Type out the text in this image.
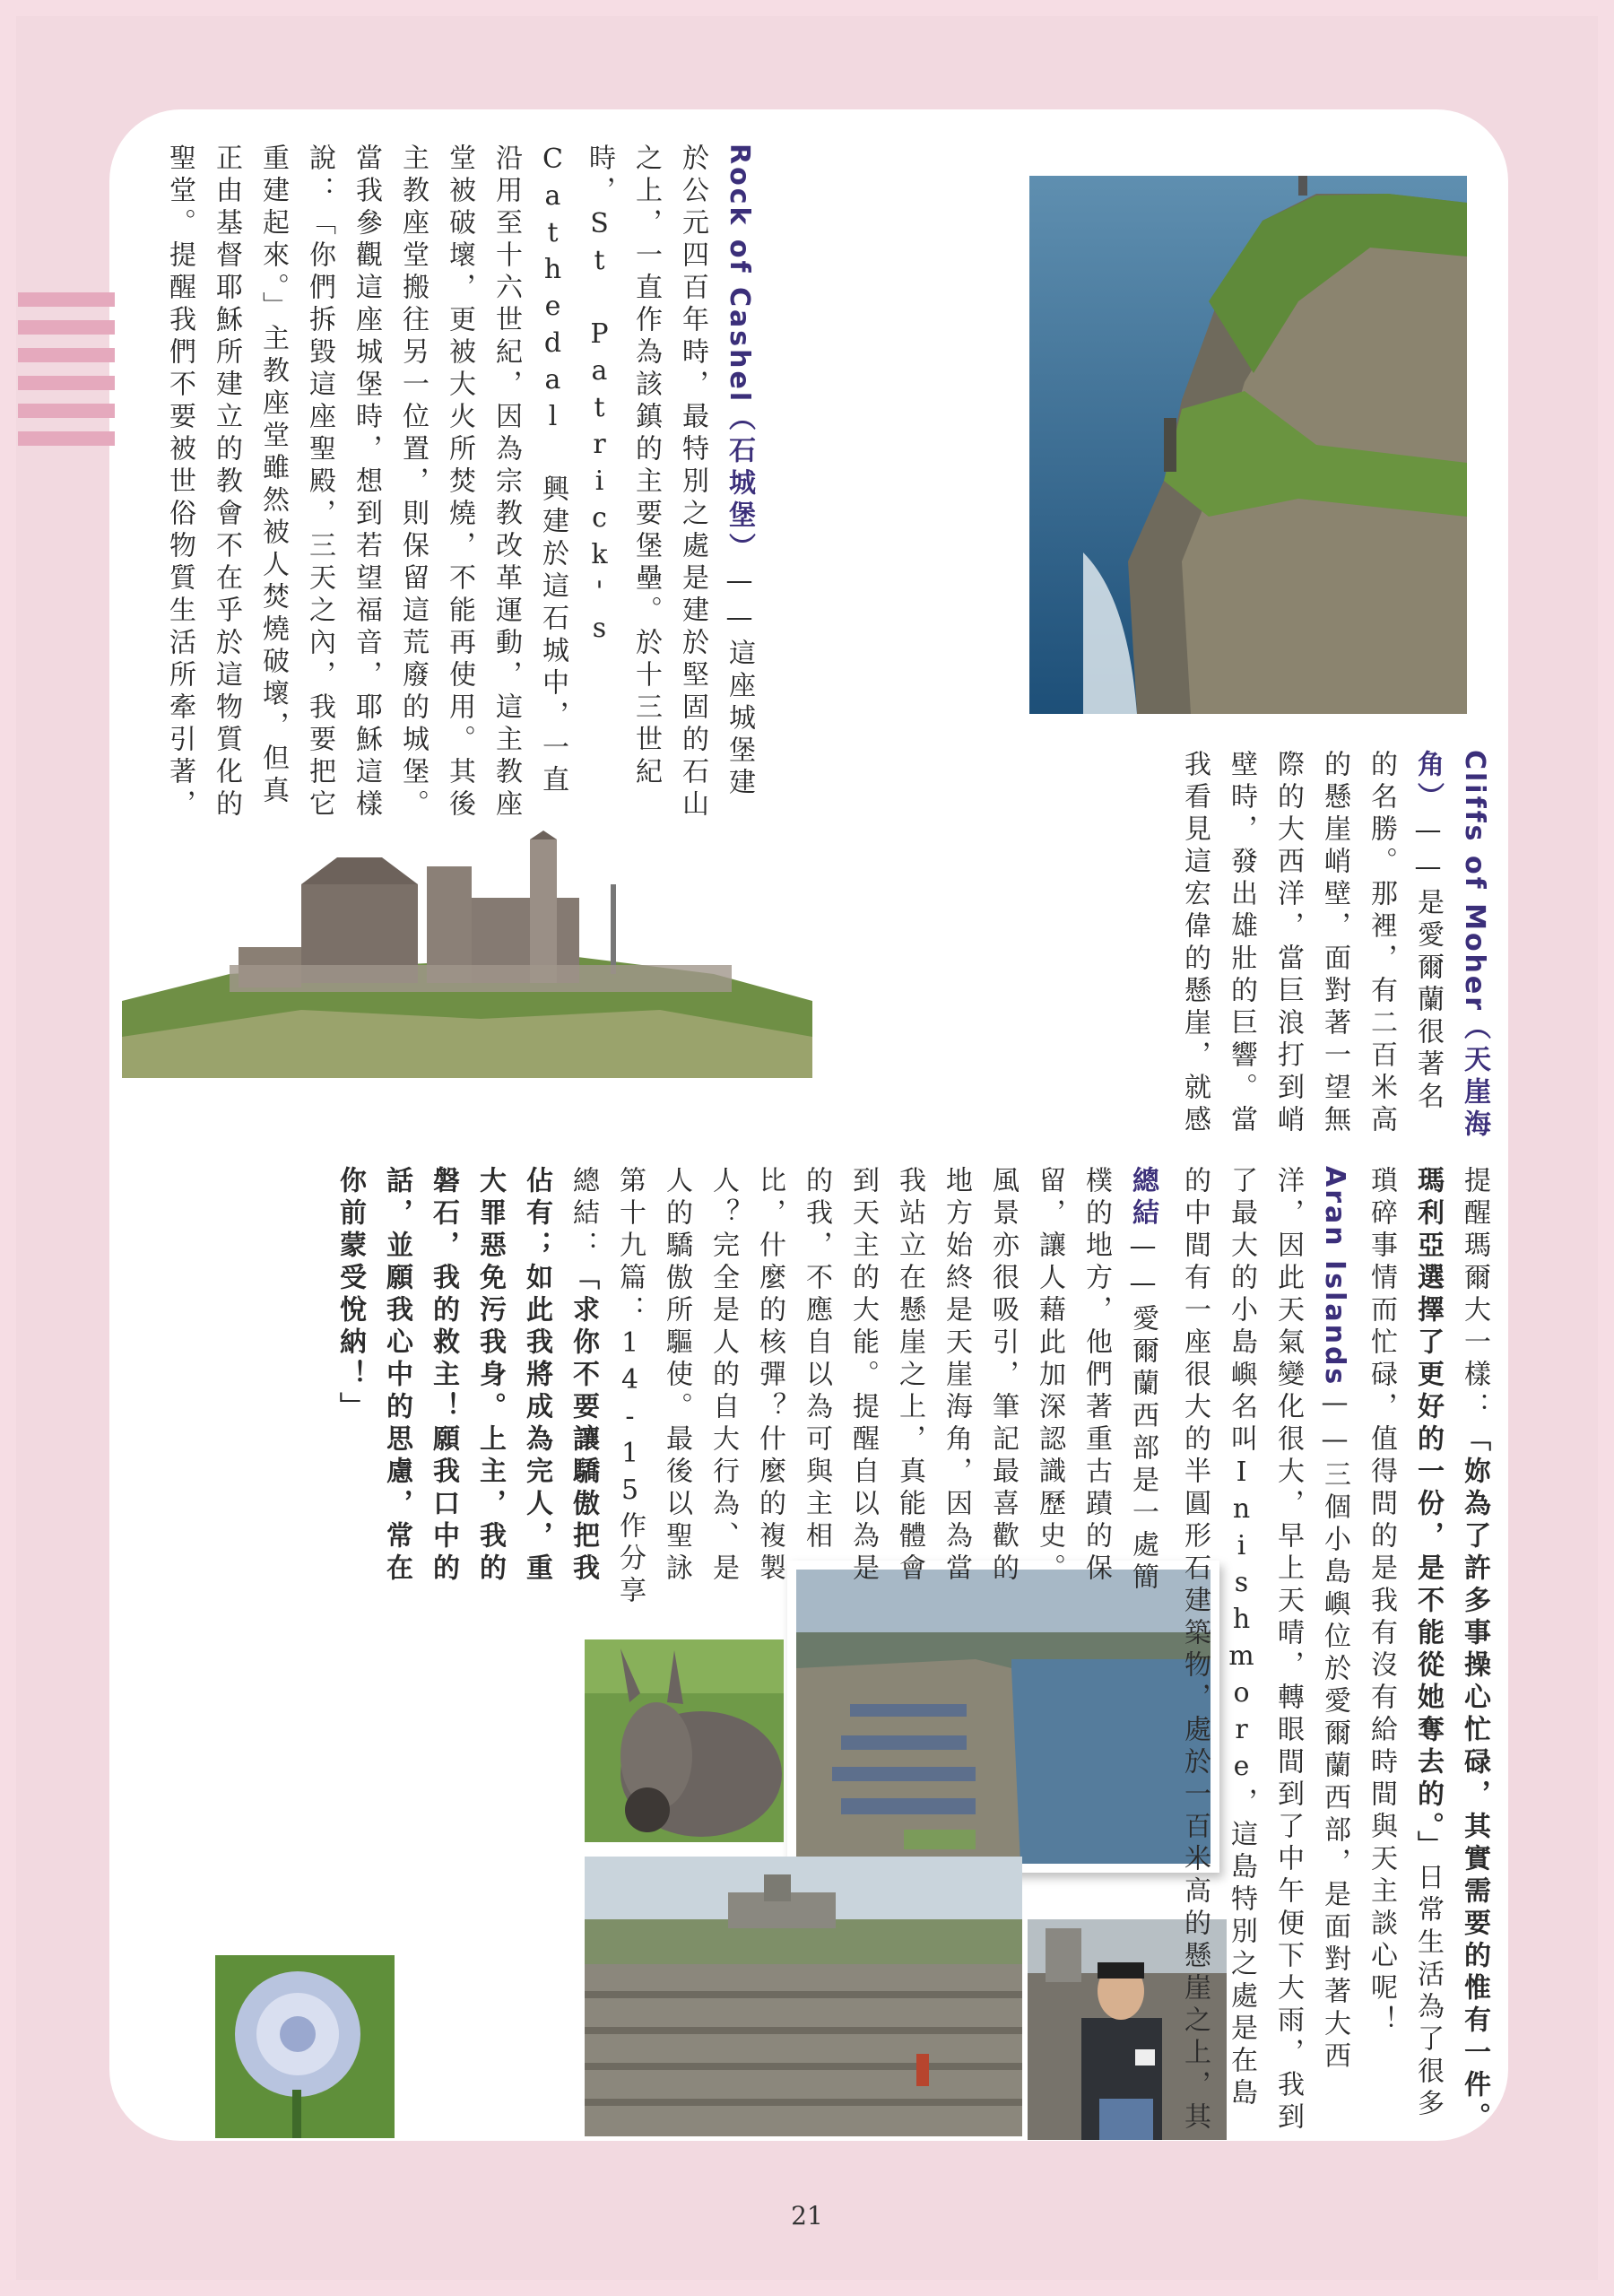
Cliffs of Moher（天崖海角）——是愛爾蘭很著名的名勝。那裡，有二百米高的懸崖峭壁，面對著一望無際的大西洋，當巨浪打到峭壁時，發出雄壯的巨響。當我看見這宏偉的懸崖，就感

Rock of Cashel（石城堡）——這座城堡建於公元四百年時，最特別之處是建於堅固的石山之上，一直作為該鎮的主要堡壘。於十三世紀時，St Patrick's Cathedal 興建於這石城中，一直沿用至十六世紀，因為宗教改革運動，這主教座堂被破壞，更被大火所焚燒，不能再使用。其後主教座堂搬往另一位置，則保留這荒廢的城堡。當我參觀這座城堡時，想到若望福音，耶穌這樣說：「你們拆毀這座聖殿，三天之內，我要把它重建起來。」主教座堂雖然被人焚燒破壞，但真正由基督耶穌所建立的教會不在乎於這物質化的聖堂。提醒我們不要被世俗物質生活所牽引著，

提醒瑪爾大一樣：「妳為了許多事操心忙碌，其實需要的惟有一件。瑪利亞選擇了更好的一份，是不能從她奪去的。」日常生活為了很多瑣碎事情而忙碌，值得問的是我有沒有給時間與天主談心呢！

Aran Islands——三個小島嶼位於愛爾蘭西部，是面對著大西洋，因此天氣變化很大，早上天晴，轉眼間到了中午便下大雨，我到了最大的小島嶼名叫Inishmore，這島特別之處是在島的中間有一座很大的半圓形石建築物，處於一百米高的懸崖之上，其

總結——愛爾蘭西部是一處簡樸的地方，他們著重古蹟的保留，讓人藉此加深認識歷史。風景亦很吸引，筆記最喜歡的地方始終是天崖海角，因為當我站立在懸崖之上，真能體會到天主的大能。提醒自以為是的我，不應自以為可與主相比，什麼的核彈？什麼的複製人？完全是人的自大行為、是人的驕傲所驅使。最後以聖詠第十九篇：14-15作分享總結：「求你不要讓驕傲把我佔有；如此我將成為完人，重大罪惡免污我身。上主，我的磐石，我的救主！願我口中的話，並願我心中的思慮，常在你前蒙受悅納！」

21
